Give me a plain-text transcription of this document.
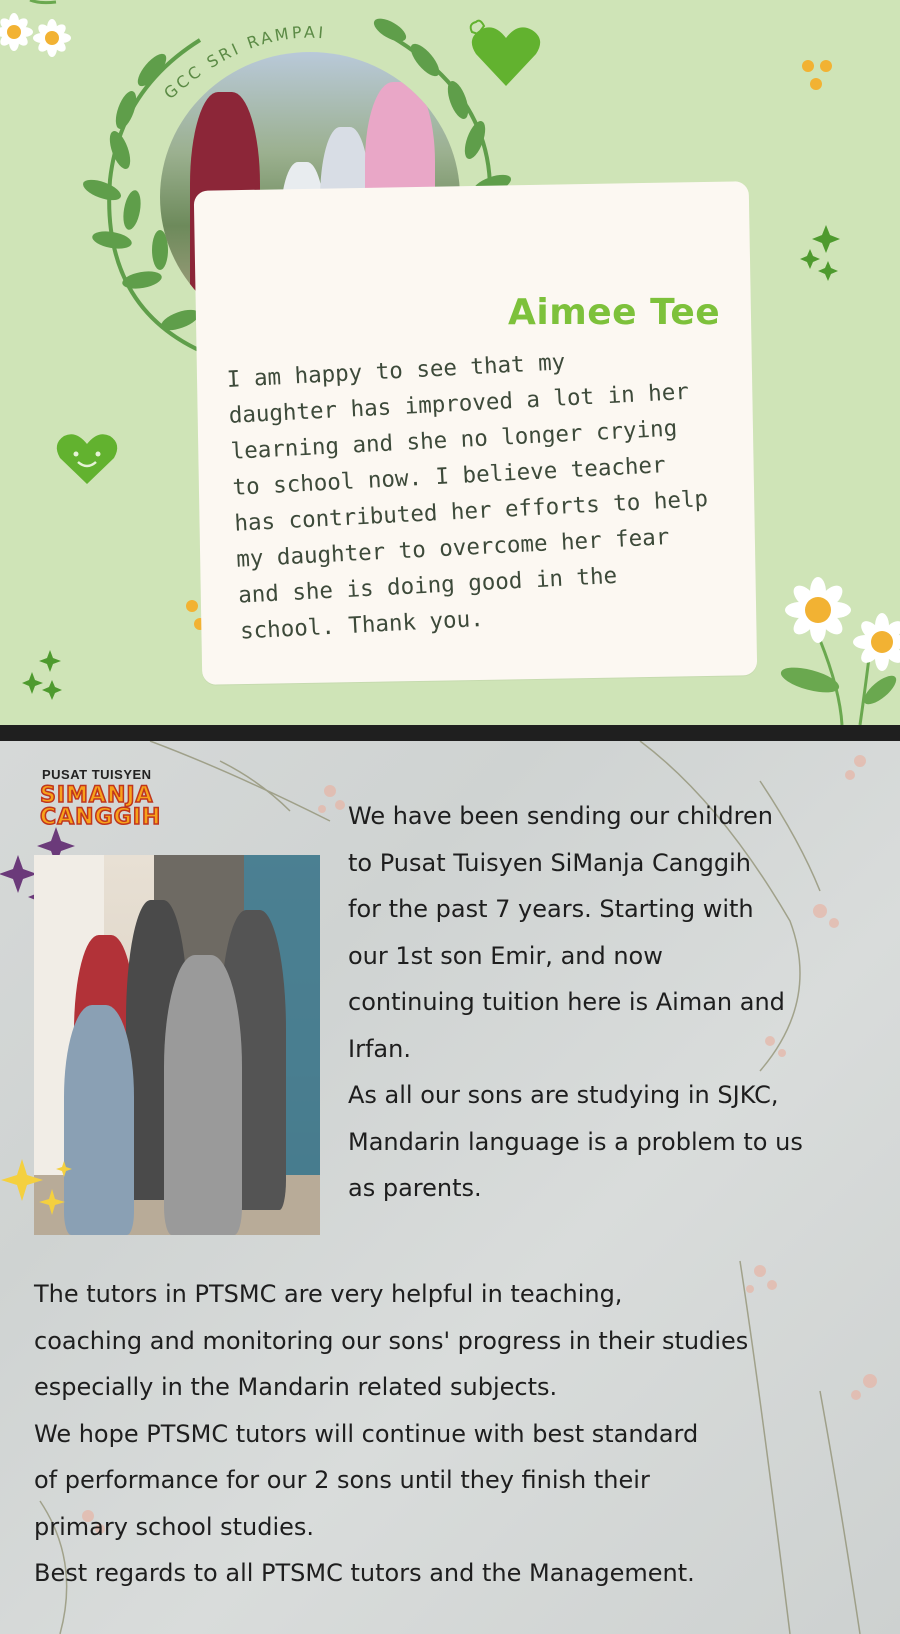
GCC SRI RAMPAI
Aimee Tee
I am happy to see that my
daughter has improved a lot in her
learning and she no longer crying
to school now. I believe teacher
has contributed her efforts to help
my daughter to overcome her fear
and she is doing good in the
school. Thank you.
PUSAT TUISYEN
SIMANJA
CANGGIH	We have been sending our children
to Pusat Tuisyen SiManja Canggih
for the past 7 years. Starting with
our 1st son Emir, and now
continuing tuition here is Aiman and
Irfan.
As all our sons are studying in SJKC,
Mandarin language is a problem to us
as parents.
The tutors in PTSMC are very helpful in teaching,
coaching and monitoring our sons' progress in their studies
especially in the Mandarin related subjects.
We hope PTSMC tutors will continue with best standard
of performance for our 2 sons until they finish their
primary school studies.
Best regards to all PTSMC tutors and the Management.
